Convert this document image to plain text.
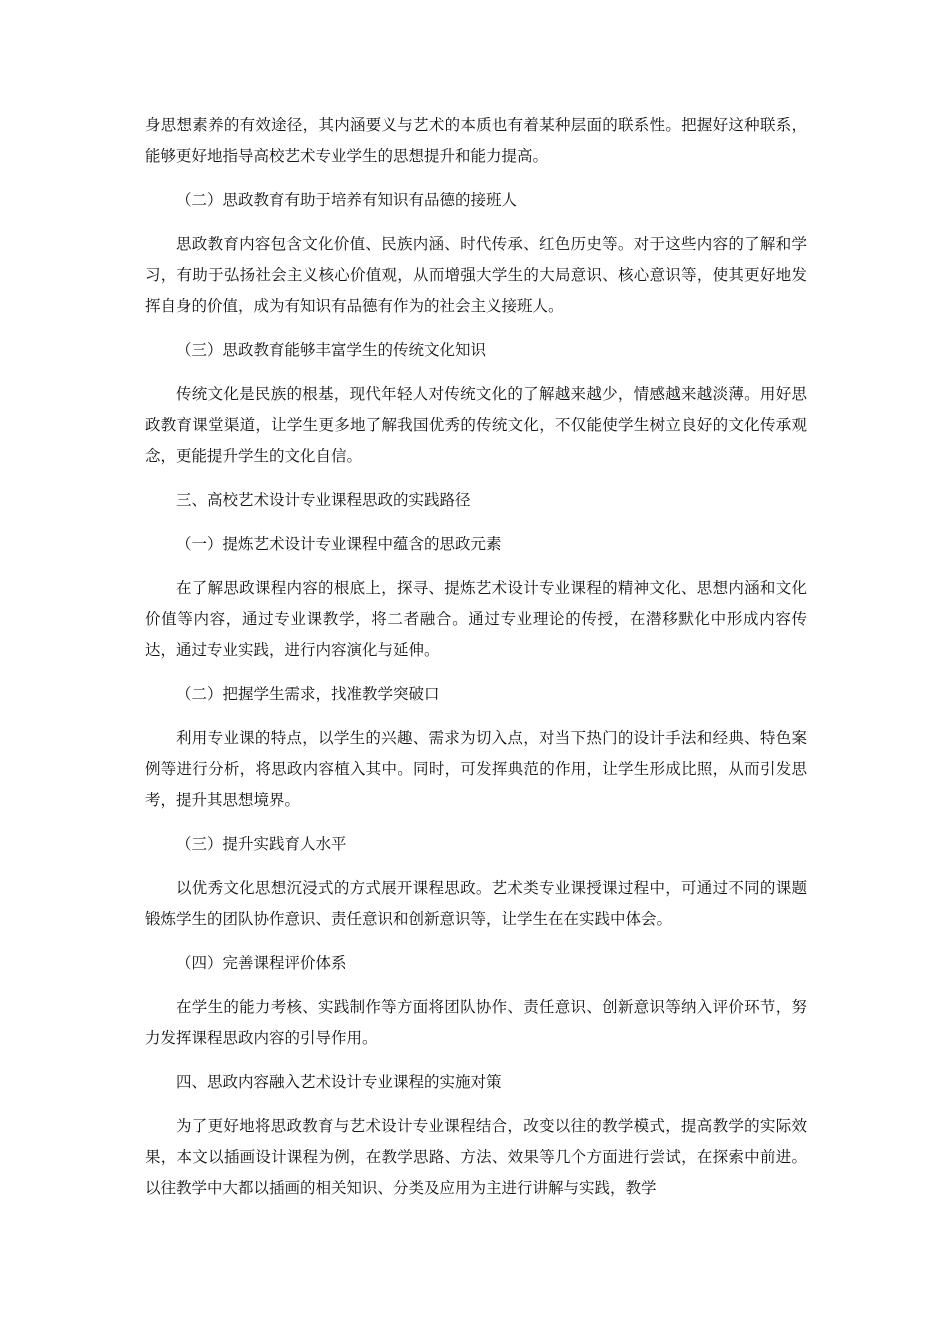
身思想素养的有效途径，其内涵要义与艺术的本质也有着某种层面的联系性。把握好这种联系，能够更好地指导高校艺术专业学生的思想提升和能力提高。

（二）思政教育有助于培养有知识有品德的接班人

思政教育内容包含文化价值、民族内涵、时代传承、红色历史等。对于这些内容的了解和学习，有助于弘扬社会主义核心价值观，从而增强大学生的大局意识、核心意识等，使其更好地发挥自身的价值，成为有知识有品德有作为的社会主义接班人。

（三）思政教育能够丰富学生的传统文化知识

传统文化是民族的根基，现代年轻人对传统文化的了解越来越少，情感越来越淡薄。用好思政教育课堂渠道，让学生更多地了解我国优秀的传统文化，不仅能使学生树立良好的文化传承观念，更能提升学生的文化自信。

三、高校艺术设计专业课程思政的实践路径

（一）提炼艺术设计专业课程中蕴含的思政元素

在了解思政课程内容的根底上，探寻、提炼艺术设计专业课程的精神文化、思想内涵和文化价值等内容，通过专业课教学，将二者融合。通过专业理论的传授，在潜移默化中形成内容传达，通过专业实践，进行内容演化与延伸。

（二）把握学生需求，找准教学突破口

利用专业课的特点，以学生的兴趣、需求为切入点，对当下热门的设计手法和经典、特色案例等进行分析，将思政内容植入其中。同时，可发挥典范的作用，让学生形成比照，从而引发思考，提升其思想境界。

（三）提升实践育人水平

以优秀文化思想沉浸式的方式展开课程思政。艺术类专业课授课过程中，可通过不同的课题锻炼学生的团队协作意识、责任意识和创新意识等，让学生在在实践中体会。

（四）完善课程评价体系

在学生的能力考核、实践制作等方面将团队协作、责任意识、创新意识等纳入评价环节，努力发挥课程思政内容的引导作用。

四、思政内容融入艺术设计专业课程的实施对策

为了更好地将思政教育与艺术设计专业课程结合，改变以往的教学模式，提高教学的实际效果，本文以插画设计课程为例，在教学思路、方法、效果等几个方面进行尝试，在探索中前进。以往教学中大都以插画的相关知识、分类及应用为主进行讲解与实践，教学
